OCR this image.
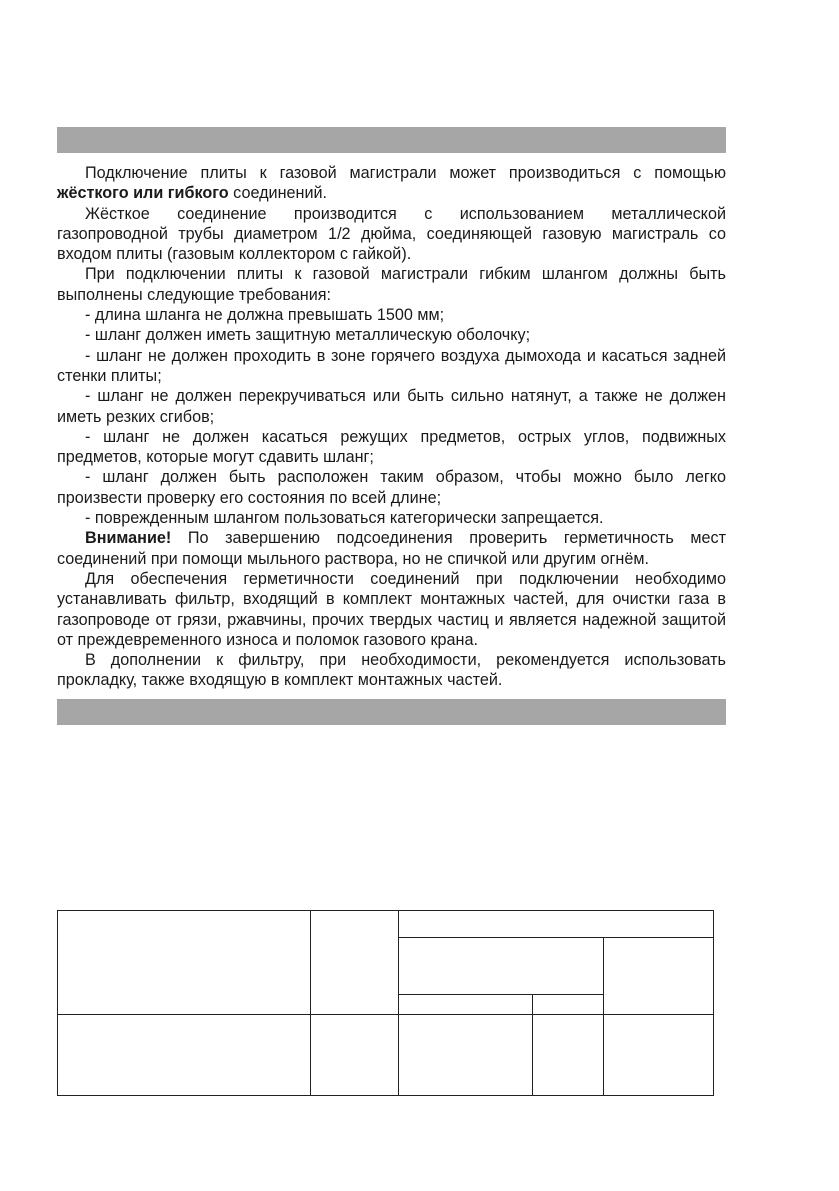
Подключение плиты к газовой магистрали может производиться с помощью жёсткого или гибкого соединений.

Жёсткое соединение производится с использованием металлической газопроводной трубы диаметром 1/2 дюйма, соединяющей газовую магистраль со входом плиты (газовым коллектором с гайкой).

При подключении плиты к газовой магистрали гибким шлангом должны быть выполнены следующие требования:

- длина шланга не должна превышать 1500 мм;

- шланг должен иметь защитную металлическую оболочку;

- шланг не должен проходить в зоне горячего воздуха дымохода и касаться задней стенки плиты;

- шланг не должен перекручиваться или быть сильно натянут, а также не должен иметь резких сгибов;

- шланг не должен касаться режущих предметов, острых углов, подвижных предметов, которые могут сдавить шланг;

- шланг должен быть расположен таким образом, чтобы можно было легко произвести проверку его состояния по всей длине;

- поврежденным шлангом пользоваться категорически запрещается.

Внимание! По завершению подсоединения проверить герметичность мест соединений при помощи мыльного раствора, но не спичкой или другим огнём.

Для обеспечения герметичности соединений при подключении необходимо устанавливать фильтр, входящий в комплект монтажных частей, для очистки газа в газопроводе от грязи, ржавчины, прочих твердых частиц и является надежной защитой от преждевременного износа и поломок газового крана.

В дополнении к фильтру, при необходимости, рекомендуется использовать прокладку, также входящую в комплект монтажных частей.
